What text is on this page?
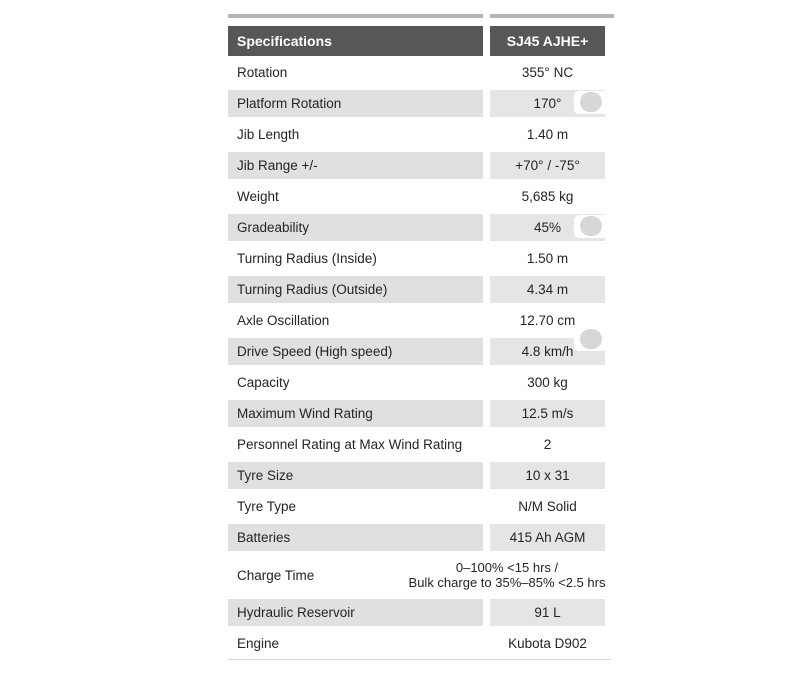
Specifications	SJ45 AJHE+
Rotation	355° NC
Platform Rotation	170°
Jib Length	1.40 m
Jib Range +/-	+70° / -75°
Weight	5,685 kg
Gradeability	45%
Turning Radius (Inside)	1.50 m
Turning Radius (Outside)	4.34 m
Axle Oscillation	12.70 cm
Drive Speed (High speed)	4.8 km/h
Capacity	300 kg
Maximum Wind Rating	12.5 m/s
Personnel Rating at Max Wind Rating	2
Tyre Size	10 x 31
Tyre Type	N/M Solid
Batteries	415 Ah AGM
Charge Time	0–100% <15 hrs /
Bulk charge to 35%–85% <2.5 hrs
Hydraulic Reservoir	91 L
Engine	Kubota D902
